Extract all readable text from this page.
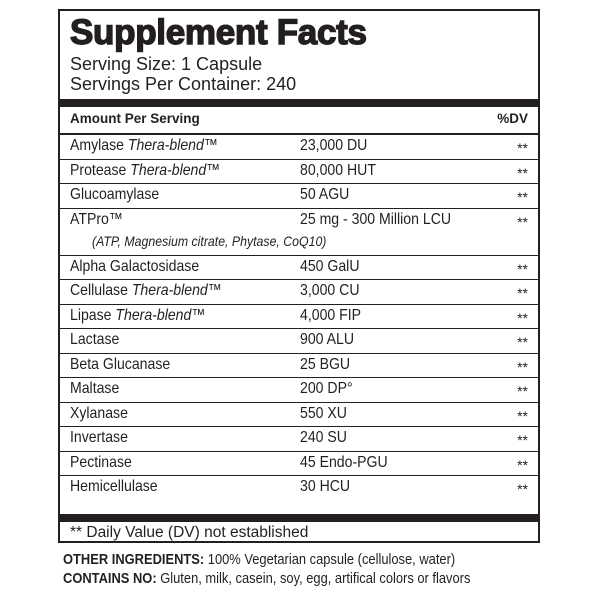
Supplement Facts
Serving Size: 1 Capsule
Servings Per Container: 240
Amount Per Serving	%DV
Amylase Thera-blend™	23,000 DU	**
Protease Thera-blend™	80,000 HUT	**
Glucoamylase	50 AGU	**
ATPro™	25 mg - 300 Million LCU	**
(ATP, Magnesium citrate, Phytase, CoQ10)
Alpha Galactosidase	450 GalU	**
Cellulase Thera-blend™	3,000 CU	**
Lipase Thera-blend™	4,000 FIP	**
Lactase	900 ALU	**
Beta Glucanase	25 BGU	**
Maltase	200 DP°	**
Xylanase	550 XU	**
Invertase	240 SU	**
Pectinase	45 Endo-PGU	**
Hemicellulase	30 HCU	**
** Daily Value (DV) not established
OTHER INGREDIENTS: 100% Vegetarian capsule (cellulose, water)
CONTAINS NO: Gluten, milk, casein, soy, egg, artifical colors or flavors
